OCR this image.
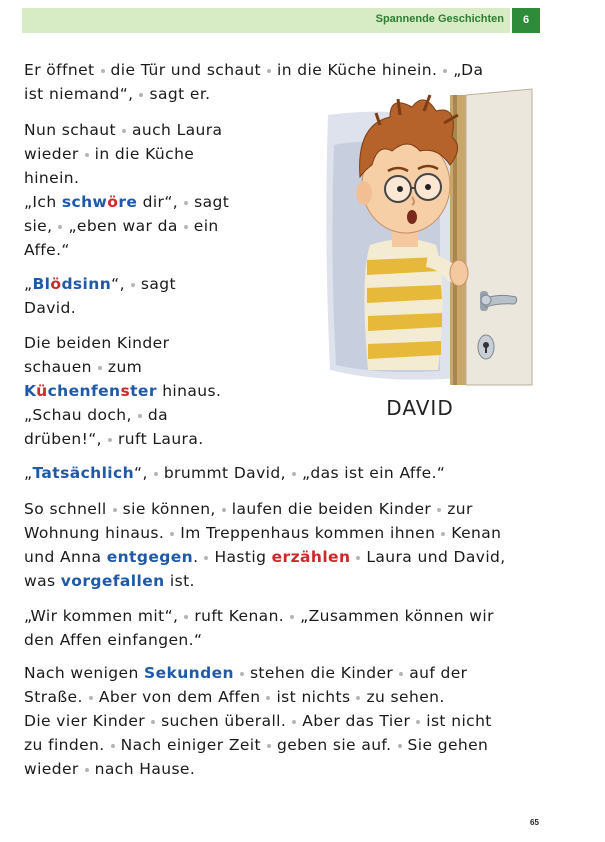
Spannende Geschichten	6
Er öffnet die Tür und schaut in die Küche hinein. „Da
ist niemand“, sagt er.
Nun schaut auch Laura
wieder in die Küche
hinein.
„Ich schwöre dir“, sagt
sie, „eben war da ein
Affe.“
„Blödsinn“, sagt
David.
Die beiden Kinder
schauen zum
Küchenfenster hinaus.
„Schau doch, da
drüben!“, ruft Laura.
„Tatsächlich“, brummt David, „das ist ein Affe.“
So schnell sie können, laufen die beiden Kinder zur
Wohnung hinaus. Im Treppenhaus kommen ihnen Kenan
und Anna entgegen. Hastig erzählen Laura und David,
was vorgefallen ist.
„Wir kommen mit“, ruft Kenan. „Zusammen können wir
den Affen einfangen.“
Nach wenigen Sekunden stehen die Kinder auf der
Straße. Aber von dem Affen ist nichts zu sehen.
Die vier Kinder suchen überall. Aber das Tier ist nicht
zu finden. Nach einiger Zeit geben sie auf. Sie gehen
wieder nach Hause.
DAVID
65
